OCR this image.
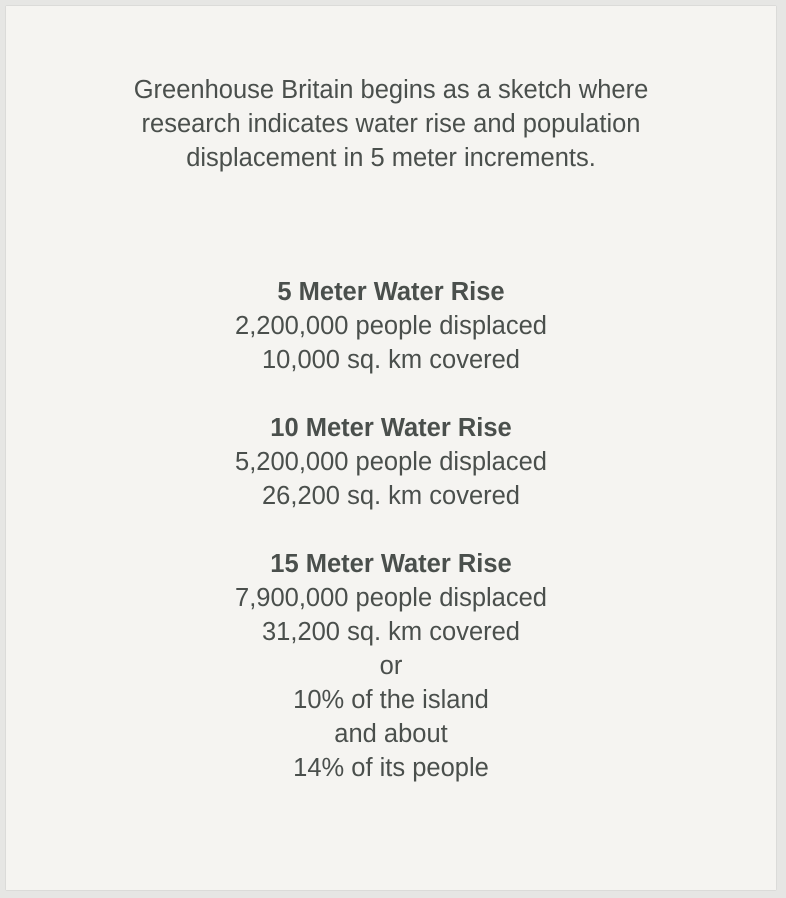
Greenhouse Britain begins as a sketch where
research indicates water rise and population
displacement in 5 meter increments.
5 Meter Water Rise
2,200,000 people displaced
10,000 sq. km covered
10 Meter Water Rise
5,200,000 people displaced
26,200 sq. km covered
15 Meter Water Rise
7,900,000 people displaced
31,200 sq. km covered
or
10% of the island
and about
14% of its people
